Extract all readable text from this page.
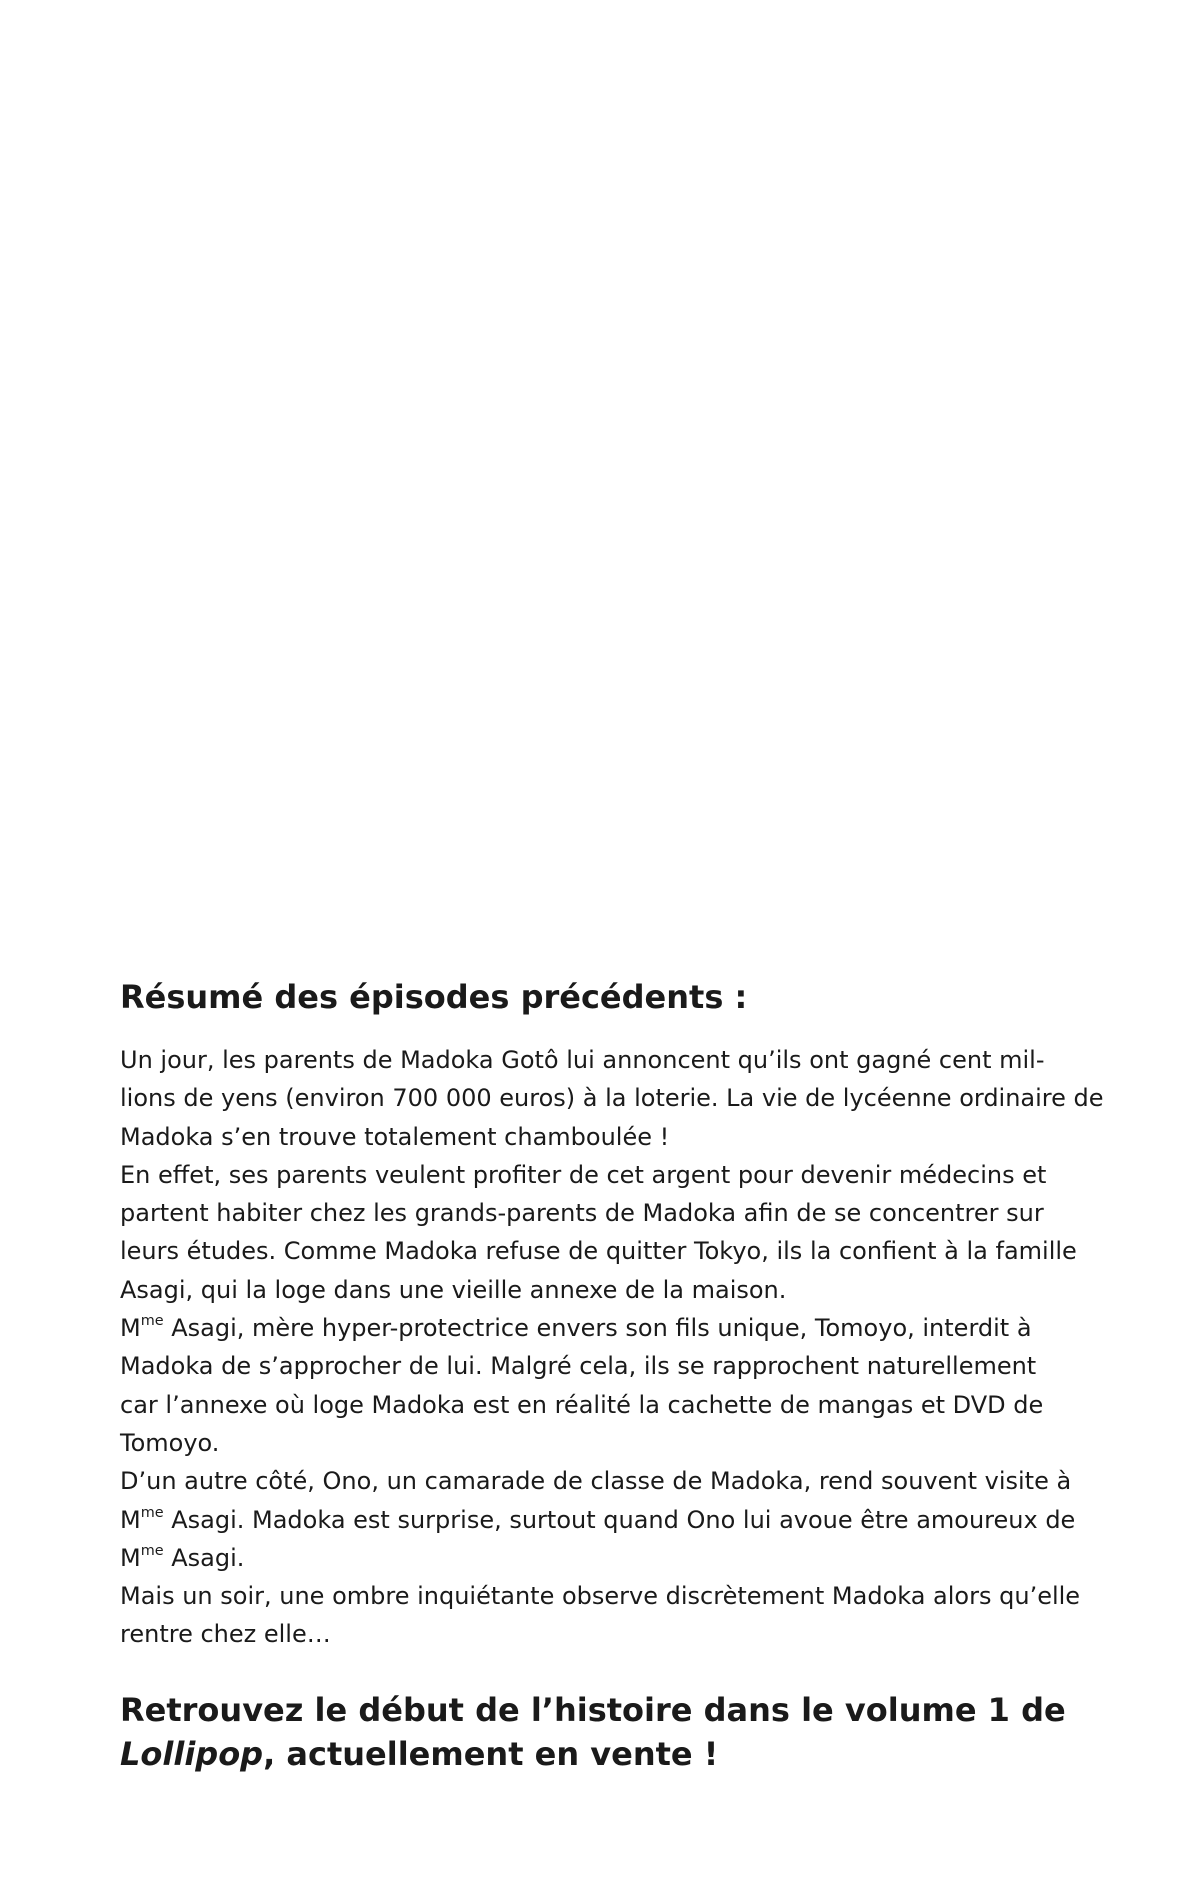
Résumé des épisodes précédents :
Un jour, les parents de Madoka Gotô lui annoncent qu’ils ont gagné cent mil-
lions de yens (environ 700 000 euros) à la loterie. La vie de lycéenne ordinaire de
Madoka s’en trouve totalement chamboulée !
En effet, ses parents veulent profiter de cet argent pour devenir médecins et
partent habiter chez les grands-parents de Madoka afin de se concentrer sur
leurs études. Comme Madoka refuse de quitter Tokyo, ils la confient à la famille
Asagi, qui la loge dans une vieille annexe de la maison.
$M^{me}$ Asagi, mère hyper-protectrice envers son fils unique, Tomoyo, interdit à
Madoka de s’approcher de lui. Malgré cela, ils se rapprochent naturellement
car l’annexe où loge Madoka est en réalité la cachette de mangas et DVD de
Tomoyo.
D’un autre côté, Ono, un camarade de classe de Madoka, rend souvent visite à
$M^{me}$ Asagi. Madoka est surprise, surtout quand Ono lui avoue être amoureux de
$M^{me}$ Asagi.
Mais un soir, une ombre inquiétante observe discrètement Madoka alors qu’elle
rentre chez elle…

Retrouvez le début de l’histoire dans le volume 1 de
Lollipop, actuellement en vente !
